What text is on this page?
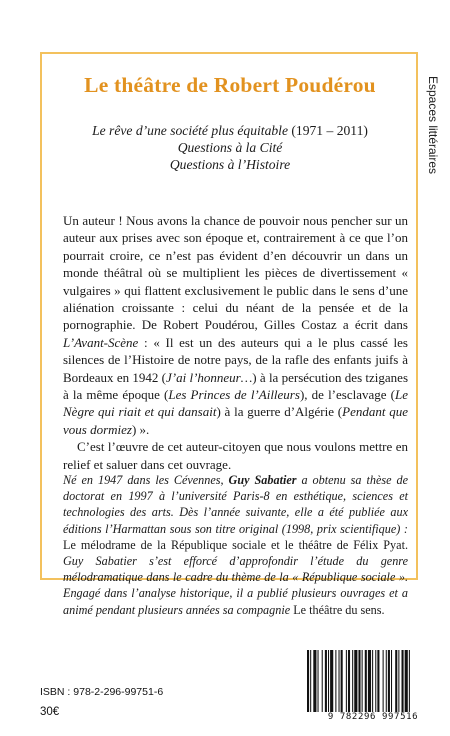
Espaces littéraires
Le théâtre de Robert Poudérou
Le rêve d’une société plus équitable (1971 – 2011)
Questions à la Cité
Questions à l’Histoire

Un auteur ! Nous avons la chance de pouvoir nous pencher sur un auteur aux prises avec son époque et, contrairement à ce que l’on pourrait croire, ce n’est pas évident d’en découvrir un dans un monde théâtral où se multiplient les pièces de divertissement « vulgaires » qui flattent exclusivement le public dans le sens d’une aliénation croissante : celui du néant de la pensée et de la pornographie. De Robert Poudérou, Gilles Costaz a écrit dans L’Avant-Scène : « Il est un des auteurs qui a le plus cassé les silences de l’Histoire de notre pays, de la rafle des enfants juifs à Bordeaux en 1942 (J’ai l’honneur…) à la persécution des tziganes à la même époque (Les Princes de l’Ailleurs), de l’esclavage (Le Nègre qui riait et qui dansait) à la guerre d’Algérie (Pendant que vous dormiez) ».

C’est l’œuvre de cet auteur-citoyen que nous voulons mettre en relief et saluer dans cet ouvrage.

Né en 1947 dans les Cévennes, Guy Sabatier a obtenu sa thèse de doctorat en 1997 à l’université Paris-8 en esthétique, sciences et technologies des arts. Dès l’année suivante, elle a été publiée aux éditions l’Harmattan sous son titre original (1998, prix scientifique) : Le mélodrame de la République sociale et le théâtre de Félix Pyat. Guy Sabatier s’est efforcé d’approfondir l’étude du genre mélodramatique dans le cadre du thème de la « République sociale ». Engagé dans l’analyse historique, il a publié plusieurs ouvrages et a animé pendant plusieurs années sa compagnie Le théâtre du sens.

ISBN : 978-2-296-99751-6
30€	9 782296 997516
